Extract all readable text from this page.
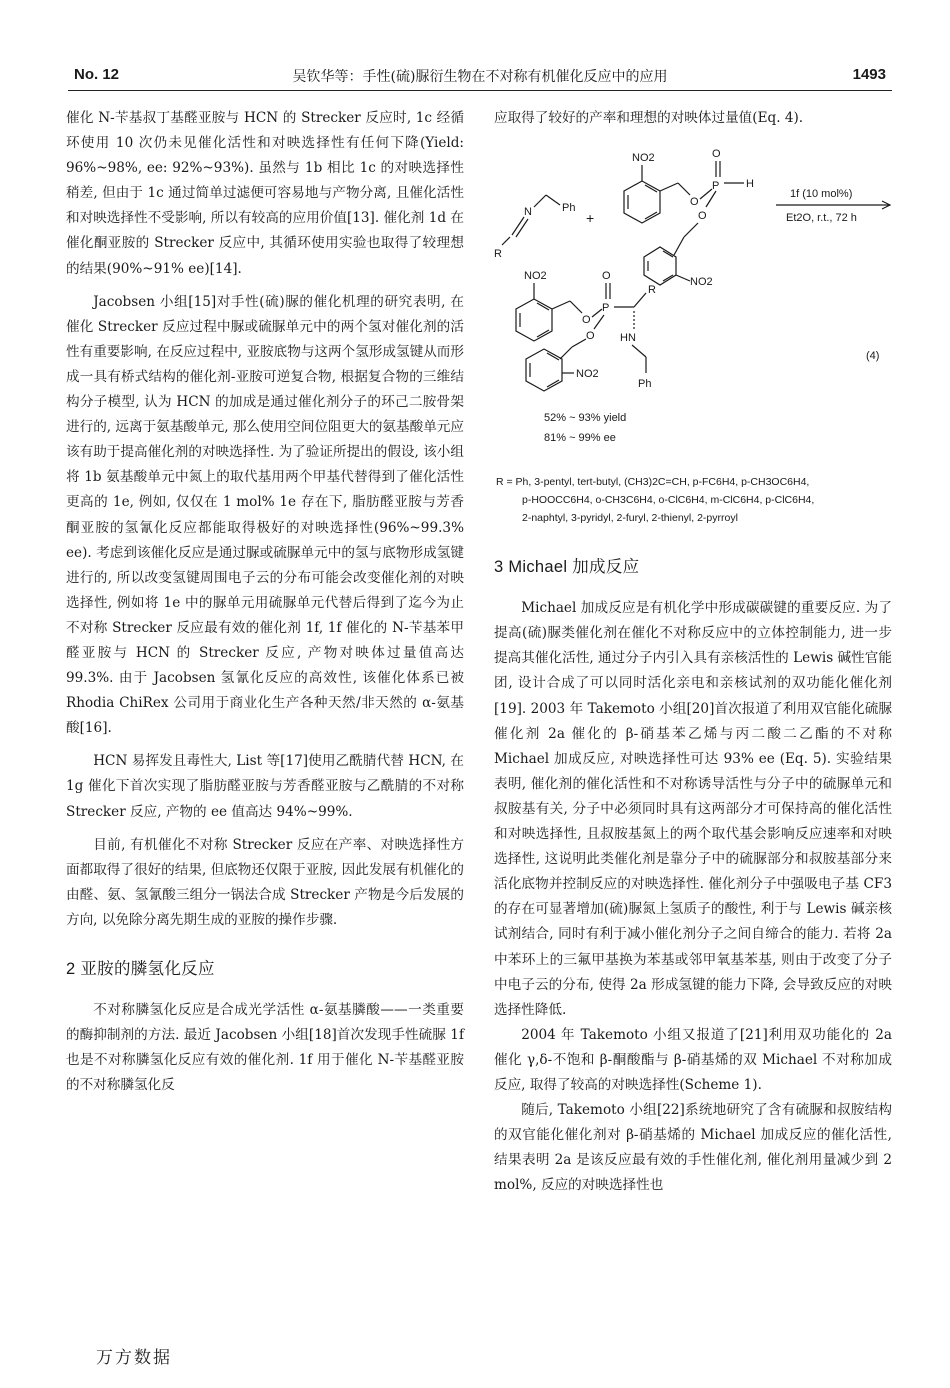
No. 12	吴钦华等：手性(硫)脲衍生物在不对称有机催化反应中的应用	1493

催化 N-苄基叔丁基醛亚胺与 HCN 的 Strecker 反应时, 1c 经循环使用 10 次仍未见催化活性和对映选择性有任何下降(Yield: 96%~98%, ee: 92%~93%). 虽然与 1b 相比 1c 的对映选择性稍差, 但由于 1c 通过简单过滤便可容易地与产物分离, 且催化活性和对映选择性不受影响, 所以有较高的应用价值[13]. 催化剂 1d 在催化酮亚胺的 Strecker 反应中, 其循环使用实验也取得了较理想的结果(90%~91% ee)[14].

Jacobsen 小组[15]对手性(硫)脲的催化机理的研究表明, 在催化 Strecker 反应过程中脲或硫脲单元中的两个氢对催化剂的活性有重要影响, 在反应过程中, 亚胺底物与这两个氢形成氢键从而形成一具有桥式结构的催化剂-亚胺可逆复合物, 根据复合物的三维结构分子模型, 认为 HCN 的加成是通过催化剂分子的环己二胺骨架进行的, 远离于氨基酸单元, 那么使用空间位阻更大的氨基酸单元应该有助于提高催化剂的对映选择性. 为了验证所提出的假设, 该小组将 1b 氨基酸单元中氮上的取代基用两个甲基代替得到了催化活性更高的 1e, 例如, 仅仅在 1 mol% 1e 存在下, 脂肪醛亚胺与芳香酮亚胺的氢氰化反应都能取得极好的对映选择性(96%~99.3% ee). 考虑到该催化反应是通过脲或硫脲单元中的氢与底物形成氢键进行的, 所以改变氢键周围电子云的分布可能会改变催化剂的对映选择性, 例如将 1e 中的脲单元用硫脲单元代替后得到了迄今为止不对称 Strecker 反应最有效的催化剂 1f, 1f 催化的 N-苄基苯甲醛亚胺与 HCN 的 Strecker 反应, 产物对映体过量值高达 99.3%. 由于 Jacobsen 氢氰化反应的高效性, 该催化体系已被 Rhodia ChiRex 公司用于商业化生产各种天然/非天然的 α-氨基酸[16].

HCN 易挥发且毒性大, List 等[17]使用乙酰腈代替 HCN, 在 1g 催化下首次实现了脂肪醛亚胺与芳香醛亚胺与乙酰腈的不对称 Strecker 反应, 产物的 ee 值高达 94%~99%.

目前, 有机催化不对称 Strecker 反应在产率、对映选择性方面都取得了很好的结果, 但底物还仅限于亚胺, 因此发展有机催化的由醛、氨、氢氰酸三组分一锅法合成 Strecker 产物是今后发展的方向, 以免除分离先期生成的亚胺的操作步骤.

2 亚胺的膦氢化反应

不对称膦氢化反应是合成光学活性 α-氨基膦酸——一类重要的酶抑制剂的方法. 最近 Jacobsen 小组[18]首次发现手性硫脲 1f 也是不对称膦氢化反应有效的催化剂. 1f 用于催化 N-苄基醛亚胺的不对称膦氢化反

应取得了较好的产率和理想的对映体过量值(Eq. 4).

N	Ph
R
+
NO2
O
P
O
H
O
NO2
1f (10 mol%)
Et2O, r.t., 72 h
NO2
O
P
O
R
HN
Ph
O
NO2
(4)
52% ~ 93% yield
81% ~ 99% ee
R = Ph, 3-pentyl, tert-butyl, (CH3)2C=CH, p-FC6H4, p-CH3OC6H4,
p-HOOCC6H4, o-CH3C6H4, o-ClC6H4, m-ClC6H4, p-ClC6H4,
2-naphtyl, 3-pyridyl, 2-furyl, 2-thienyl, 2-pyrroyl
3 Michael 加成反应

Michael 加成反应是有机化学中形成碳碳键的重要反应. 为了提高(硫)脲类催化剂在催化不对称反应中的立体控制能力, 进一步提高其催化活性, 通过分子内引入具有亲核活性的 Lewis 碱性官能团, 设计合成了可以同时活化亲电和亲核试剂的双功能化催化剂[19]. 2003 年 Takemoto 小组[20]首次报道了利用双官能化硫脲催化剂 2a 催化的 β-硝基苯乙烯与丙二酸二乙酯的不对称 Michael 加成反应, 对映选择性可达 93% ee (Eq. 5). 实验结果表明, 催化剂的催化活性和不对称诱导活性与分子中的硫脲单元和叔胺基有关, 分子中必须同时具有这两部分才可保持高的催化活性和对映选择性, 且叔胺基氮上的两个取代基会影响反应速率和对映选择性, 这说明此类催化剂是靠分子中的硫脲部分和叔胺基部分来活化底物并控制反应的对映选择性. 催化剂分子中强吸电子基 CF3 的存在可显著增加(硫)脲氮上氢质子的酸性, 利于与 Lewis 碱亲核试剂结合, 同时有利于减小催化剂分子之间自缔合的能力. 若将 2a 中苯环上的三氟甲基换为苯基或邻甲氧基苯基, 则由于改变了分子中电子云的分布, 使得 2a 形成氢键的能力下降, 会导致反应的对映选择性降低.

2004 年 Takemoto 小组又报道了[21]利用双功能化的 2a 催化 γ,δ-不饱和 β-酮酸酯与 β-硝基烯的双 Michael 不对称加成反应, 取得了较高的对映选择性(Scheme 1).

随后, Takemoto 小组[22]系统地研究了含有硫脲和叔胺结构的双官能化催化剂对 β-硝基烯的 Michael 加成反应的催化活性, 结果表明 2a 是该反应最有效的手性催化剂, 催化剂用量减少到 2 mol%, 反应的对映选择性也

万方数据
